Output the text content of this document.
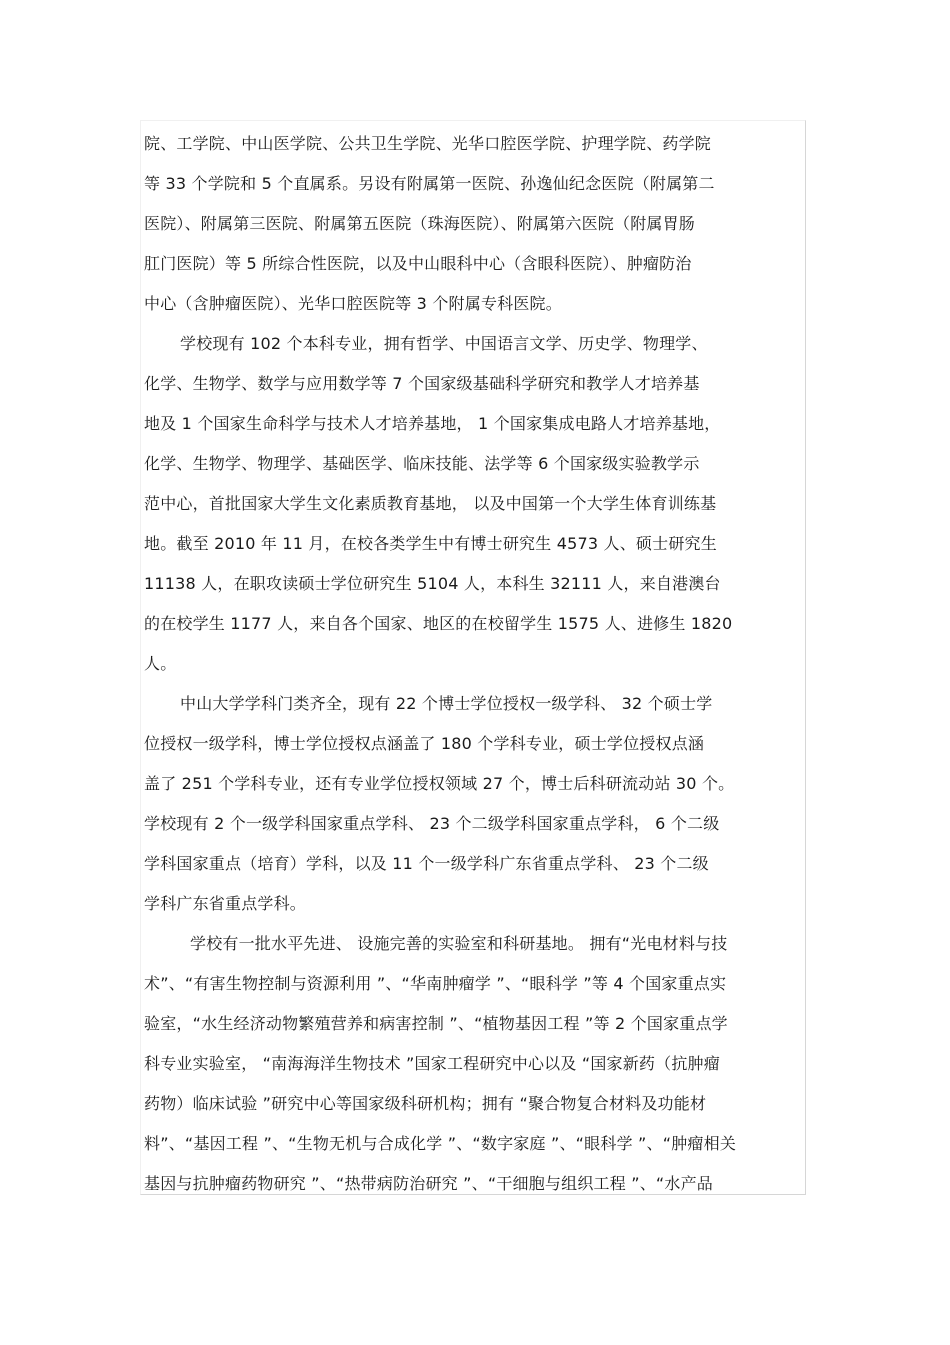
院、工学院、中山医学院、公共卫生学院、光华口腔医学院、护理学院、药学院
等 33 个学院和 5 个直属系。另设有附属第一医院、孙逸仙纪念医院（附属第二
医院）、附属第三医院、附属第五医院（珠海医院）、附属第六医院（附属胃肠
肛门医院）等 5 所综合性医院，以及中山眼科中心（含眼科医院）、肿瘤防治
中心（含肿瘤医院）、光华口腔医院等 3 个附属专科医院。
学校现有 102 个本科专业，拥有哲学、中国语言文学、历史学、物理学、
化学、生物学、数学与应用数学等 7 个国家级基础科学研究和教学人才培养基
地及 1 个国家生命科学与技术人才培养基地， 1 个国家集成电路人才培养基地，
化学、生物学、物理学、基础医学、临床技能、法学等 6 个国家级实验教学示
范中心，首批国家大学生文化素质教育基地， 以及中国第一个大学生体育训练基
地。截至 2010 年 11 月，在校各类学生中有博士研究生 4573 人、硕士研究生
11138 人，在职攻读硕士学位研究生 5104 人，本科生 32111 人，来自港澳台
的在校学生 1177 人，来自各个国家、地区的在校留学生 1575 人、进修生 1820
人。
中山大学学科门类齐全，现有 22 个博士学位授权一级学科、 32 个硕士学
位授权一级学科，博士学位授权点涵盖了 180 个学科专业，硕士学位授权点涵
盖了 251 个学科专业，还有专业学位授权领域 27 个，博士后科研流动站 30 个。
学校现有 2 个一级学科国家重点学科、 23 个二级学科国家重点学科， 6 个二级
学科国家重点（培育）学科，以及 11 个一级学科广东省重点学科、 23 个二级
学科广东省重点学科。
学校有一批水平先进、 设施完善的实验室和科研基地。 拥有“光电材料与技
术”、“有害生物控制与资源利用 ”、“华南肿瘤学 ”、“眼科学 ”等 4 个国家重点实
验室，“水生经济动物繁殖营养和病害控制 ”、“植物基因工程 ”等 2 个国家重点学
科专业实验室， “南海海洋生物技术 ”国家工程研究中心以及 “国家新药（抗肿瘤
药物）临床试验 ”研究中心等国家级科研机构；拥有 “聚合物复合材料及功能材
料”、“基因工程 ”、“生物无机与合成化学 ”、“数字家庭 ”、“眼科学 ”、“肿瘤相关
基因与抗肿瘤药物研究 ”、“热带病防治研究 ”、“干细胞与组织工程 ”、“水产品
